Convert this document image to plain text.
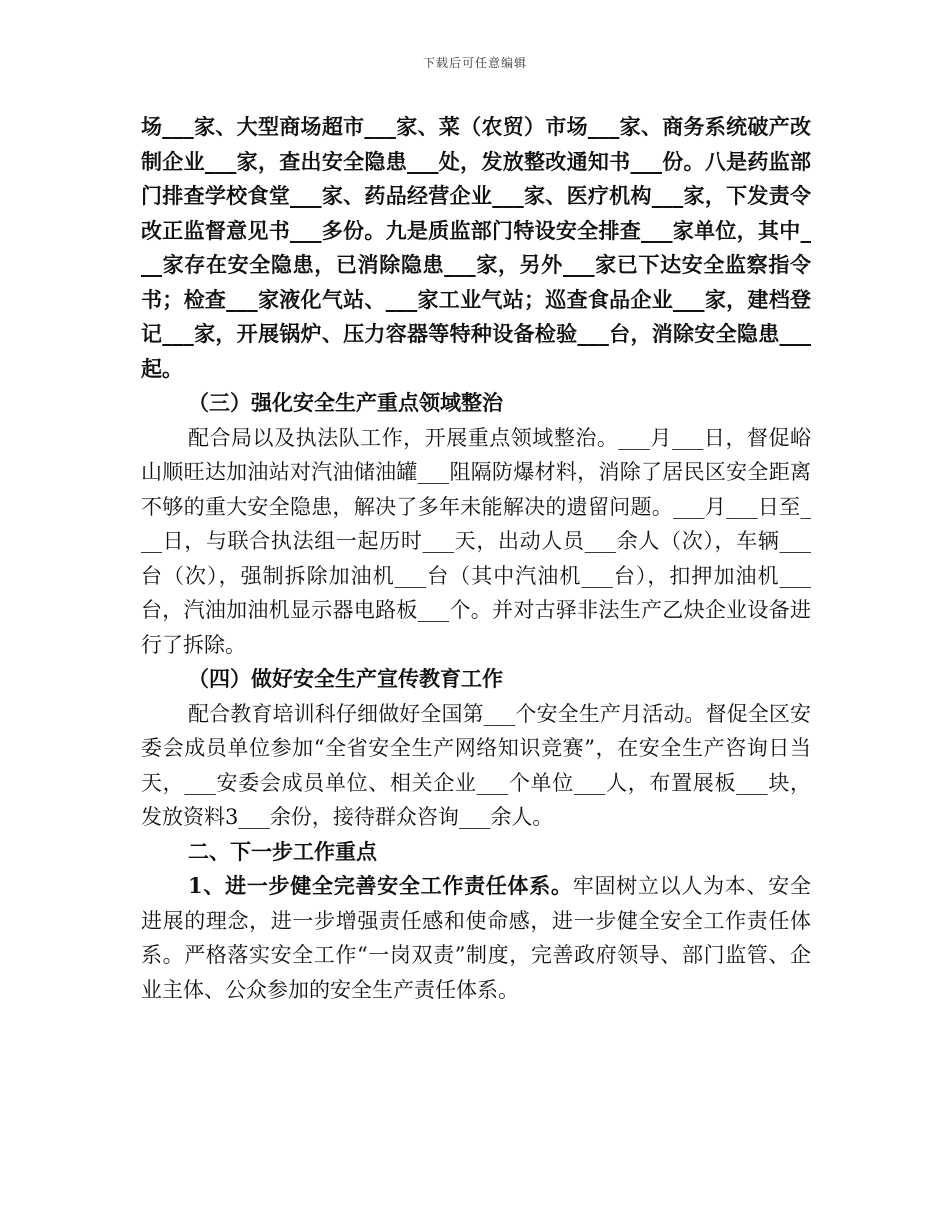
下载后可任意编辑

场___家、大型商场超市___家、菜（农贸）市场___家、商务系统破产改制企业___家，查出安全隐患___处，发放整改通知书___份。八是药监部门排查学校食堂___家、药品经营企业___家、医疗机构___家，下发责令改正监督意见书___多份。九是质监部门特设安全排查___家单位，其中___家存在安全隐患，已消除隐患___家，另外___家已下达安全监察指令书；检查___家液化气站、___家工业气站；巡查食品企业___家，建档登记___家，开展锅炉、压力容器等特种设备检验___台，消除安全隐患___起。

（三）强化安全生产重点领域整治

配合局以及执法队工作，开展重点领域整治。___月___日，督促峪山顺旺达加油站对汽油储油罐___阻隔防爆材料，消除了居民区安全距离不够的重大安全隐患，解决了多年未能解决的遗留问题。___月___日至___日，与联合执法组一起历时___天，出动人员___余人（次），车辆___台（次），强制拆除加油机___台（其中汽油机___台），扣押加油机___台，汽油加油机显示器电路板___个。并对古驿非法生产乙炔企业设备进行了拆除。

（四）做好安全生产宣传教育工作

配合教育培训科仔细做好全国第___个安全生产月活动。督促全区安委会成员单位参加“全省安全生产网络知识竞赛”，在安全生产咨询日当天，___安委会成员单位、相关企业___个单位___人，布置展板___块，发放资料3___余份，接待群众咨询___余人。

二、下一步工作重点

1、进一步健全完善安全工作责任体系。牢固树立以人为本、安全进展的理念，进一步增强责任感和使命感，进一步健全安全工作责任体系。严格落实安全工作“一岗双责”制度，完善政府领导、部门监管、企业主体、公众参加的安全生产责任体系。
